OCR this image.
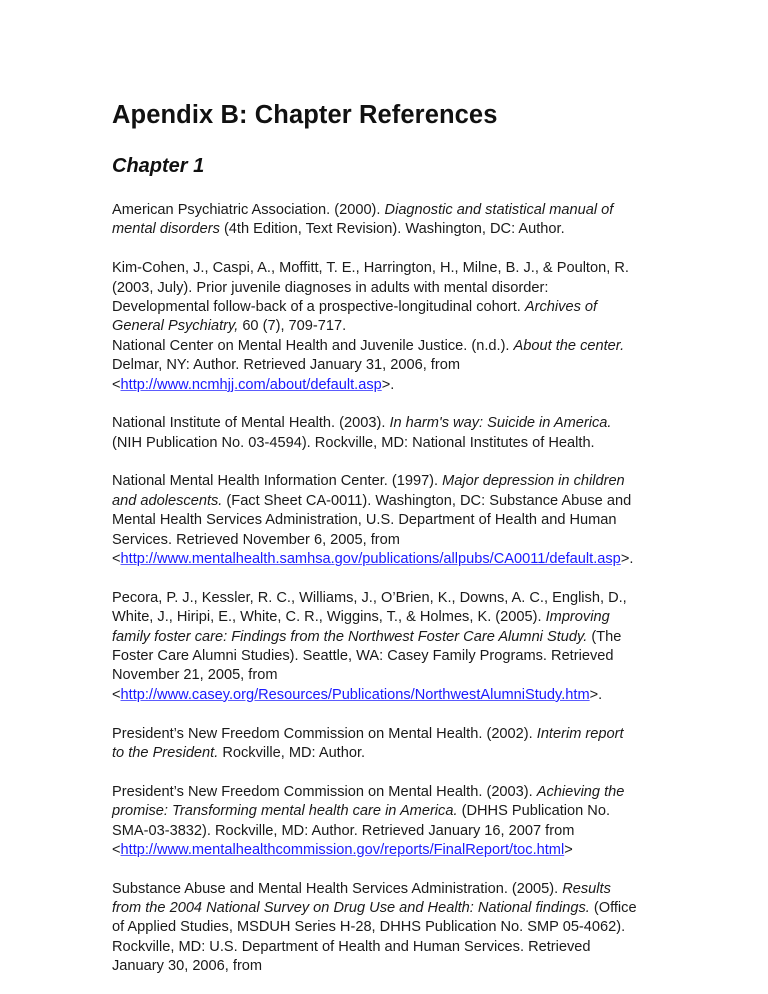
Apendix B: Chapter References
Chapter 1

American Psychiatric Association. (2000). Diagnostic and statistical manual of
mental disorders (4th Edition, Text Revision). Washington, DC: Author.

Kim-Cohen, J., Caspi, A., Moffitt, T. E., Harrington, H., Milne, B. J., & Poulton, R.
(2003, July). Prior juvenile diagnoses in adults with mental disorder:
Developmental follow-back of a prospective-longitudinal cohort. Archives of
General Psychiatry, 60 (7), 709-717.

National Center on Mental Health and Juvenile Justice. (n.d.). About the center.
Delmar, NY: Author. Retrieved January 31, 2006, from
<http://www.ncmhjj.com/about/default.asp>.

National Institute of Mental Health. (2003). In harm's way: Suicide in America.
(NIH Publication No. 03-4594). Rockville, MD: National Institutes of Health.

National Mental Health Information Center. (1997). Major depression in children
and adolescents. (Fact Sheet CA-0011). Washington, DC: Substance Abuse and
Mental Health Services Administration, U.S. Department of Health and Human
Services. Retrieved November 6, 2005, from
<http://www.mentalhealth.samhsa.gov/publications/allpubs/CA0011/default.asp>.

Pecora, P. J., Kessler, R. C., Williams, J., O’Brien, K., Downs, A. C., English, D.,
White, J., Hiripi, E., White, C. R., Wiggins, T., & Holmes, K. (2005). Improving
family foster care: Findings from the Northwest Foster Care Alumni Study. (The
Foster Care Alumni Studies). Seattle, WA: Casey Family Programs. Retrieved
November 21, 2005, from
<http://www.casey.org/Resources/Publications/NorthwestAlumniStudy.htm>.

President’s New Freedom Commission on Mental Health. (2002). Interim report
to the President. Rockville, MD: Author.

President’s New Freedom Commission on Mental Health. (2003). Achieving the
promise: Transforming mental health care in America. (DHHS Publication No.
SMA-03-3832). Rockville, MD: Author. Retrieved January 16, 2007 from
<http://www.mentalhealthcommission.gov/reports/FinalReport/toc.html>

Substance Abuse and Mental Health Services Administration. (2005). Results
from the 2004 National Survey on Drug Use and Health: National findings. (Office
of Applied Studies, MSDUH Series H-28, DHHS Publication No. SMP 05-4062).
Rockville, MD: U.S. Department of Health and Human Services. Retrieved
January 30, 2006, from
